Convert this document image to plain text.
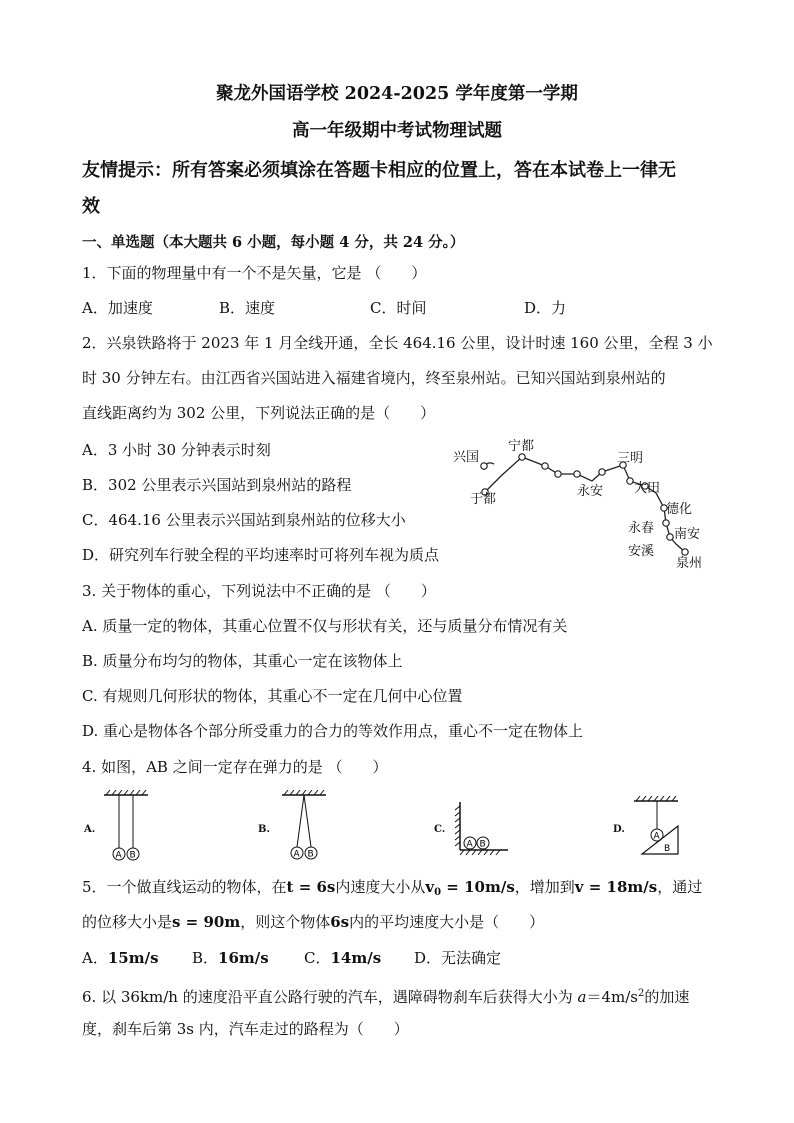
聚龙外国语学校 2024-2025 学年度第一学期
高一年级期中考试物理试题
友情提示：所有答案必须填涂在答题卡相应的位置上，答在本试卷上一律无
效
一、单选题（本大题共 6 小题，每小题 4 分，共 24 分。）
1．下面的物理量中有一个不是矢量，它是 （　　）
A．加速度	B．速度	C．时间	D．力
2．兴泉铁路将于 2023 年 1 月全线开通，全长 464.16 公里，设计时速 160 公里，全程 3 小
时 30 分钟左右。由江西省兴国站进入福建省境内，终至泉州站。已知兴国站到泉州站的
直线距离约为 302 公里，下列说法正确的是（　　）
A．3 小时 30 分钟表示时刻
B．302 公里表示兴国站到泉州站的路程
C．464.16 公里表示兴国站到泉州站的位移大小
D．研究列车行驶全程的平均速率时可将列车视为质点
兴国
于都
宁都
三明
永安 大田
德化
永春 南安
安溪
泉州
3. 关于物体的重心，下列说法中不正确的是 （　　）
A. 质量一定的物体，其重心位置不仅与形状有关，还与质量分布情况有关
B. 质量分布均匀的物体，其重心一定在该物体上
C. 有规则几何形状的物体，其重心不一定在几何中心位置
D. 重心是物体各个部分所受重力的合力的等效作用点，重心不一定在物体上
4. 如图，AB 之间一定存在弹力的是 （　　）
A.
A B
B.
A B
C.
A B
D.
A
B
5．一个做直线运动的物体，在t = 6s内速度大小从$v_0 = 10m/s$，增加到v = 18m/s，通过
的位移大小是s = 90m，则这个物体6s内的平均速度大小是（　　）
A．15m/s B．16m/s C．14m/s D．无法确定
6. 以 36km/h 的速度沿平直公路行驶的汽车，遇障碍物刹车后获得大小为 $a=4m/s^2$的加速
度，刹车后第 3s 内，汽车走过的路程为（　　）
